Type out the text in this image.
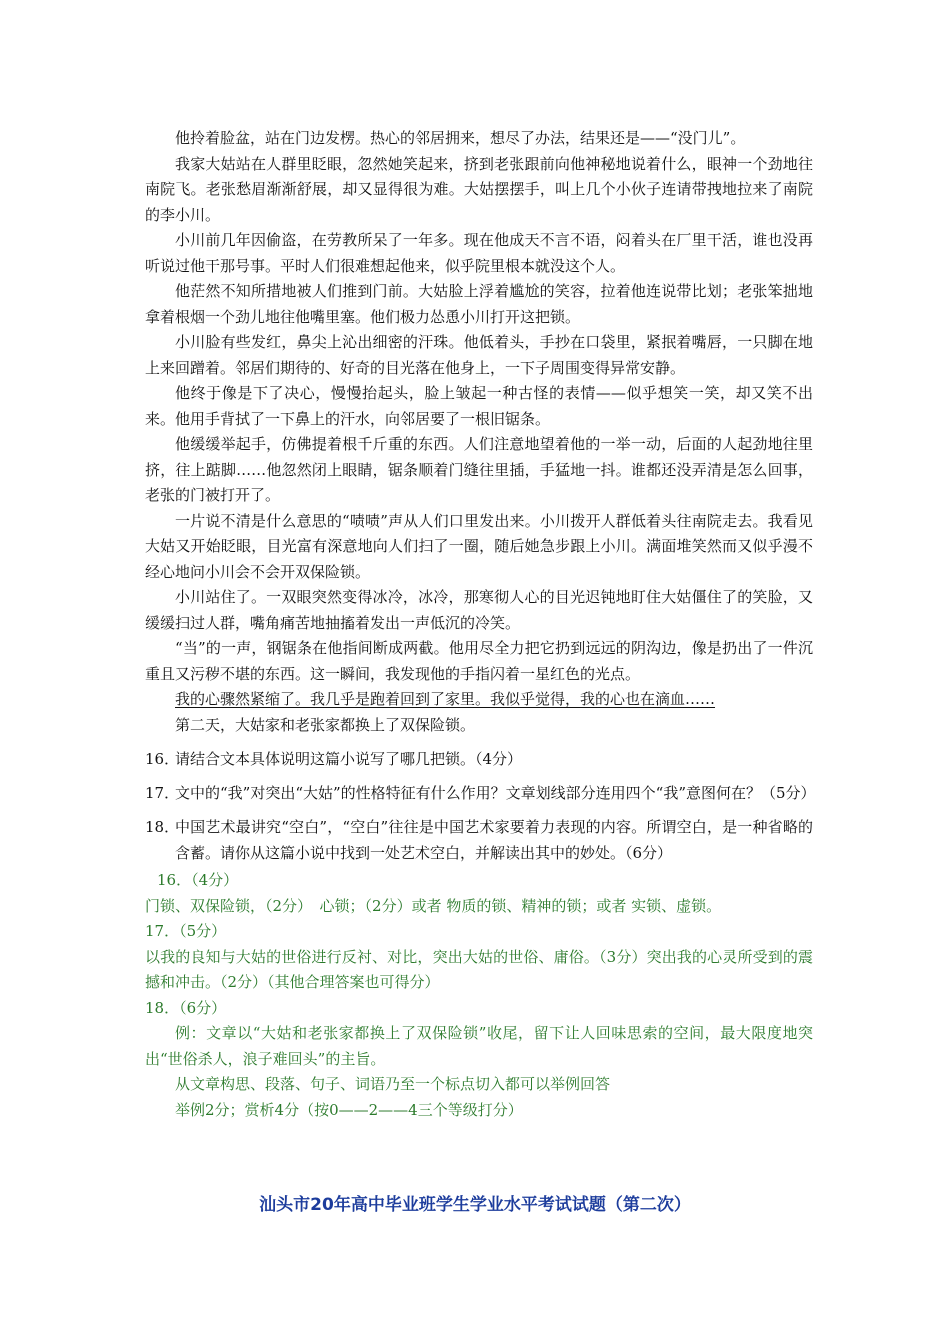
他拎着脸盆，站在门边发楞。热心的邻居拥来，想尽了办法，结果还是——“没门儿”。

我家大姑站在人群里眨眼，忽然她笑起来，挤到老张跟前向他神秘地说着什么，眼神一个劲地往南院飞。老张愁眉渐渐舒展，却又显得很为难。大姑摆摆手，叫上几个小伙子连请带拽地拉来了南院的李小川。

小川前几年因偷盗，在劳教所呆了一年多。现在他成天不言不语，闷着头在厂里干活，谁也没再听说过他干那号事。平时人们很难想起他来，似乎院里根本就没这个人。

他茫然不知所措地被人们推到门前。大姑脸上浮着尴尬的笑容，拉着他连说带比划；老张笨拙地拿着根烟一个劲儿地往他嘴里塞。他们极力怂恿小川打开这把锁。

小川脸有些发红，鼻尖上沁出细密的汗珠。他低着头，手抄在口袋里，紧抿着嘴唇，一只脚在地上来回蹭着。邻居们期待的、好奇的目光落在他身上，一下子周围变得异常安静。

他终于像是下了决心，慢慢抬起头，脸上皱起一种古怪的表情——似乎想笑一笑，却又笑不出来。他用手背拭了一下鼻上的汗水，向邻居要了一根旧锯条。

他缓缓举起手，仿佛提着根千斤重的东西。人们注意地望着他的一举一动，后面的人起劲地往里挤，往上踮脚……他忽然闭上眼睛，锯条顺着门缝往里插，手猛地一抖。谁都还没弄清是怎么回事，老张的门被打开了。

一片说不清是什么意思的“啧啧”声从人们口里发出来。小川拨开人群低着头往南院走去。我看见大姑又开始眨眼，目光富有深意地向人们扫了一圈，随后她急步跟上小川。满面堆笑然而又似乎漫不经心地问小川会不会开双保险锁。

小川站住了。一双眼突然变得冰冷，冰冷，那寒彻人心的目光迟钝地盯住大姑僵住了的笑脸，又缓缓扫过人群，嘴角痛苦地抽搐着发出一声低沉的冷笑。

“当”的一声，钢锯条在他指间断成两截。他用尽全力把它扔到远远的阴沟边，像是扔出了一件沉重且又污秽不堪的东西。这一瞬间，我发现他的手指闪着一星红色的光点。

我的心骤然紧缩了。我几乎是跑着回到了家里。我似乎觉得，我的心也在滴血……

第二天，大姑家和老张家都换上了双保险锁。

16．
请结合文本具体说明这篇小说写了哪几把锁。（4分）
17．
文中的“我”对突出“大姑”的性格特征有什么作用？文章划线部分连用四个“我”意图何在？（5分）
18．
中国艺术最讲究“空白”，“空白”往往是中国艺术家要着力表现的内容。所谓空白，是一种省略的含蓄。请你从这篇小说中找到一处艺术空白，并解读出其中的妙处。（6分）

16．（4分）

门锁、双保险锁，（2分）　心锁；（2分）或者 物质的锁、精神的锁；或者 实锁、虚锁。

17．（5分）

以我的良知与大姑的世俗进行反衬、对比，突出大姑的世俗、庸俗。（3分）突出我的心灵所受到的震撼和冲击。（2分）（其他合理答案也可得分）

18．（6分）

例：文章以“大姑和老张家都换上了双保险锁”收尾，留下让人回味思索的空间，最大限度地突出“世俗杀人，浪子难回头”的主旨。

从文章构思、段落、句子、词语乃至一个标点切入都可以举例回答

举例2分；赏析4分（按0——2——4三个等级打分）

汕头市20年高中毕业班学生学业水平考试试题（第二次）
